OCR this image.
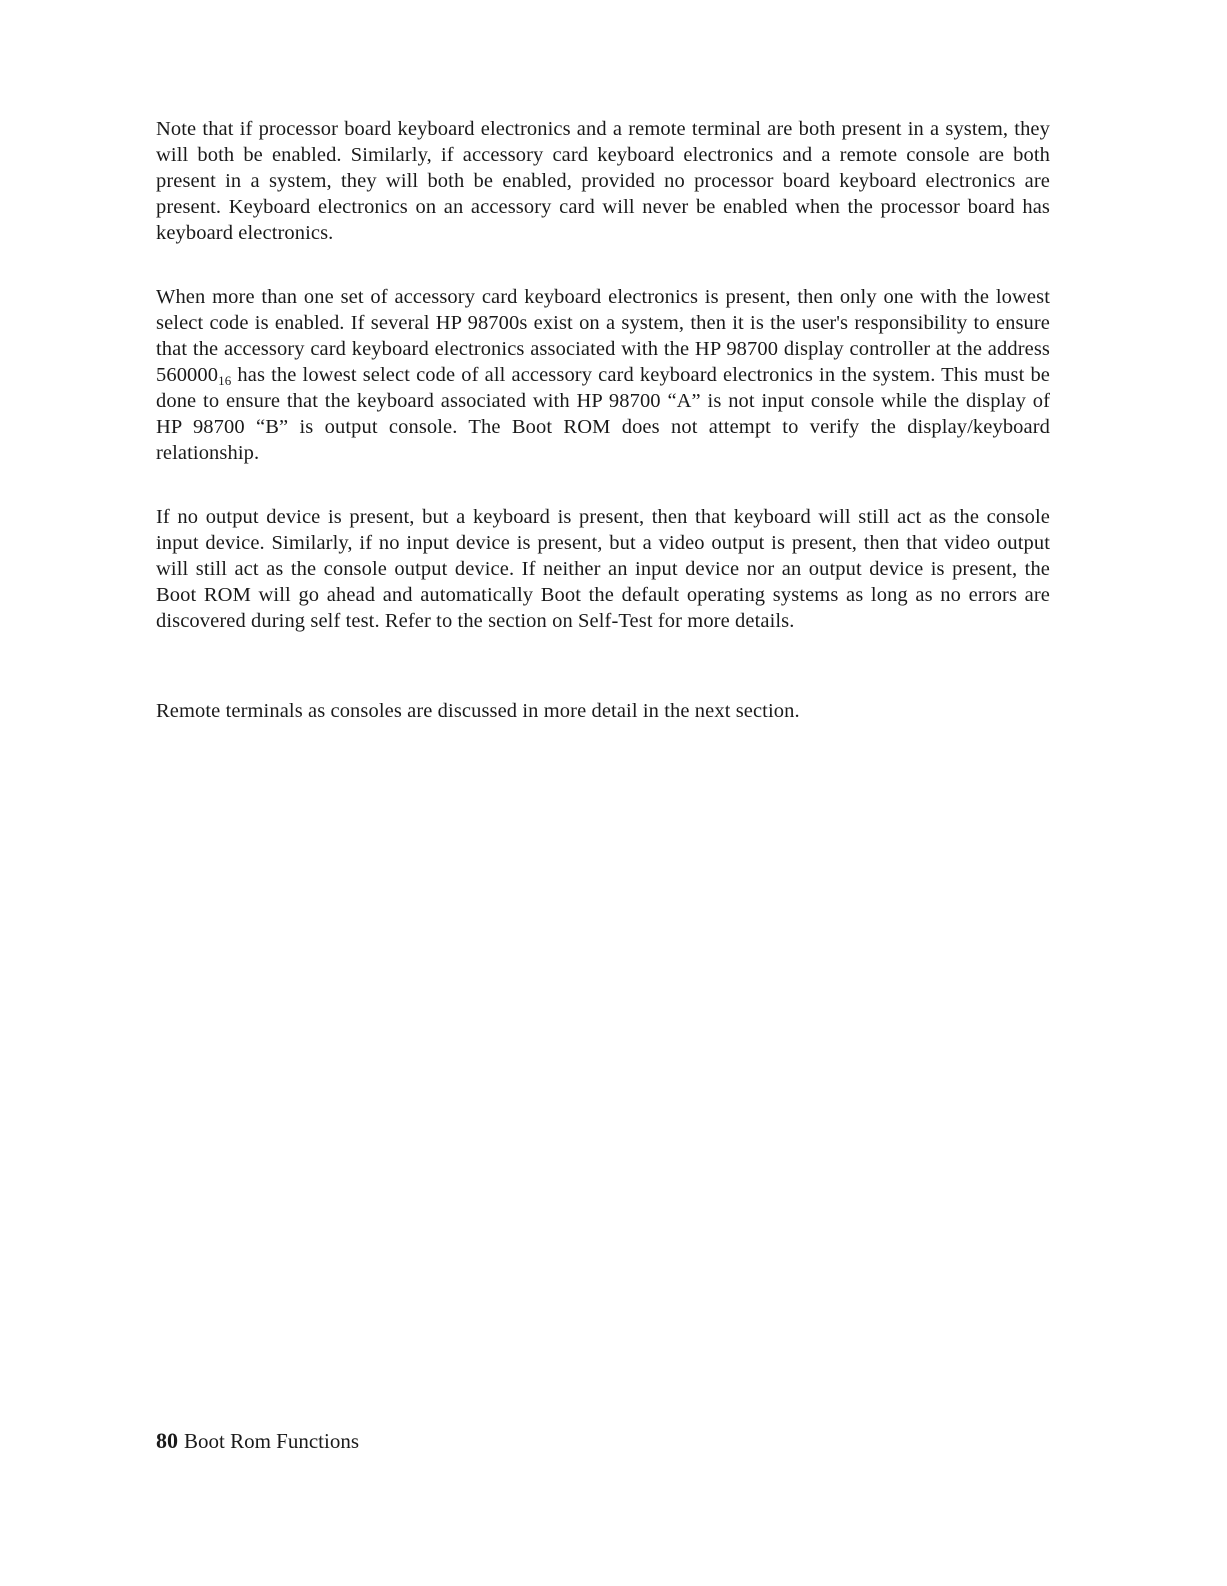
Note that if processor board keyboard electronics and a remote terminal are both present in a system, they will both be enabled. Similarly, if accessory card keyboard electronics and a remote console are both present in a system, they will both be enabled, provided no processor board keyboard electronics are present. Keyboard electronics on an accessory card will never be enabled when the processor board has keyboard electronics.

When more than one set of accessory card keyboard electronics is present, then only one with the lowest select code is enabled. If several HP 98700s exist on a system, then it is the user's responsibility to ensure that the accessory card keyboard electronics associated with the HP 98700 display controller at the address $560000_{16}$ has the lowest select code of all accessory card keyboard electronics in the system. This must be done to ensure that the keyboard associated with HP 98700 “A” is not input console while the display of HP 98700 “B” is output console. The Boot ROM does not attempt to verify the display/keyboard relationship.

If no output device is present, but a keyboard is present, then that keyboard will still act as the console input device. Similarly, if no input device is present, but a video output is present, then that video output will still act as the console output device. If neither an input device nor an output device is present, the Boot ROM will go ahead and automatically Boot the default operating systems as long as no errors are discovered during self test. Refer to the section on Self-Test for more details.

Remote terminals as consoles are discussed in more detail in the next section.

80 Boot Rom Functions
